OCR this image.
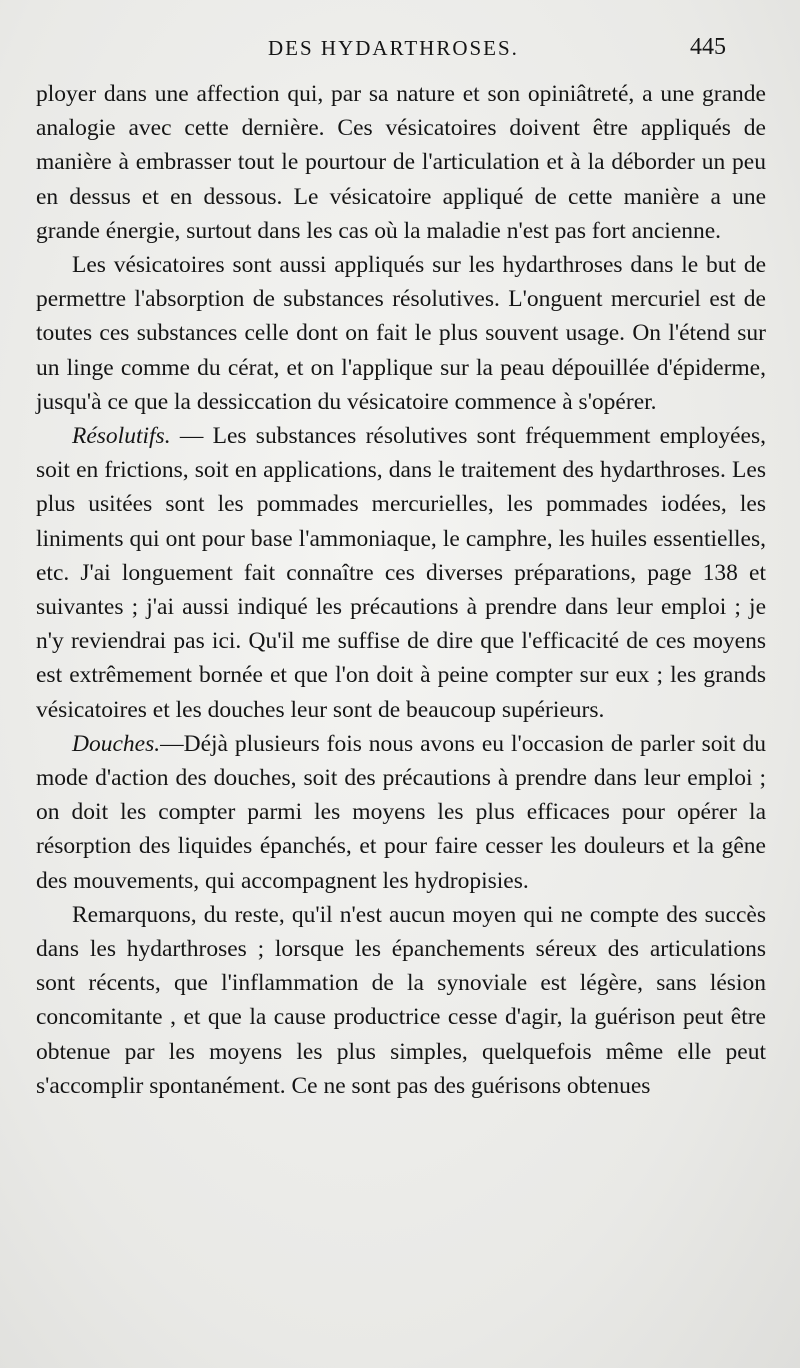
DES HYDARTHROSES.	445

ployer dans une affection qui, par sa nature et son opiniâtreté, a une grande analogie avec cette dernière. Ces vésicatoires doivent être appliqués de manière à embrasser tout le pourtour de l'articulation et à la déborder un peu en dessus et en dessous. Le vésicatoire appliqué de cette manière a une grande énergie, surtout dans les cas où la maladie n'est pas fort ancienne.

Les vésicatoires sont aussi appliqués sur les hydarthroses dans le but de permettre l'absorption de substances résolutives. L'onguent mercuriel est de toutes ces substances celle dont on fait le plus souvent usage. On l'étend sur un linge comme du cérat, et on l'applique sur la peau dépouillée d'épiderme, jusqu'à ce que la dessiccation du vésicatoire commence à s'opérer.

Résolutifs. — Les substances résolutives sont fréquemment employées, soit en frictions, soit en applications, dans le traitement des hydarthroses. Les plus usitées sont les pommades mercurielles, les pommades iodées, les liniments qui ont pour base l'ammoniaque, le camphre, les huiles essentielles, etc. J'ai longuement fait connaître ces diverses préparations, page 138 et suivantes ; j'ai aussi indiqué les précautions à prendre dans leur emploi ; je n'y reviendrai pas ici. Qu'il me suffise de dire que l'efficacité de ces moyens est extrêmement bornée et que l'on doit à peine compter sur eux ; les grands vésicatoires et les douches leur sont de beaucoup supérieurs.

Douches.—Déjà plusieurs fois nous avons eu l'occasion de parler soit du mode d'action des douches, soit des précautions à prendre dans leur emploi ; on doit les compter parmi les moyens les plus efficaces pour opérer la résorption des liquides épanchés, et pour faire cesser les douleurs et la gêne des mouvements, qui accompagnent les hydropisies.

Remarquons, du reste, qu'il n'est aucun moyen qui ne compte des succès dans les hydarthroses ; lorsque les épanchements séreux des articulations sont récents, que l'inflammation de la synoviale est légère, sans lésion concomitante , et que la cause productrice cesse d'agir, la guérison peut être obtenue par les moyens les plus simples, quelquefois même elle peut s'accomplir spontanément. Ce ne sont pas des guérisons obtenues
